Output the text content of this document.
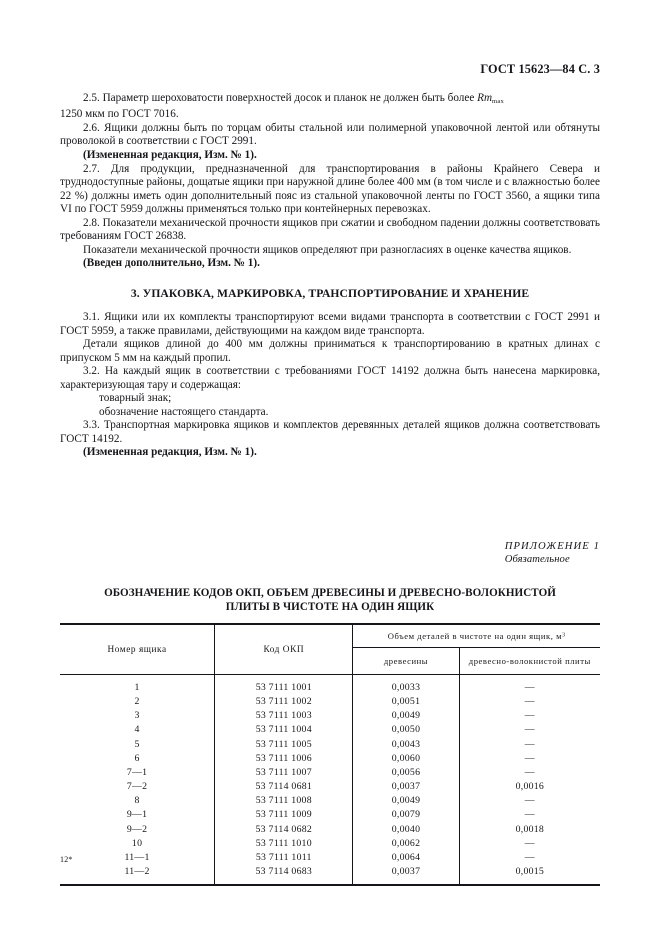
ГОСТ 15623—84 С. 3

2.5. Параметр шероховатости поверхностей досок и планок не должен быть более $Rm_{max}$

1250 мкм по ГОСТ 7016.

2.6. Ящики должны быть по торцам обиты стальной или полимерной упаковочной лентой или обтянуты проволокой в соответствии с ГОСТ 2991.

(Измененная редакция, Изм. № 1).

2.7. Для продукции, предназначенной для транспортирования в районы Крайнего Севера и труднодоступные районы, дощатые ящики при наружной длине более 400 мм (в том числе и с влажностью более 22 %) должны иметь один дополнительный пояс из стальной упаковочной ленты по ГОСТ 3560, а ящики типа VI по ГОСТ 5959 должны применяться только при контейнерных перевозках.

2.8. Показатели механической прочности ящиков при сжатии и свободном падении должны соответствовать требованиям ГОСТ 26838.

Показатели механической прочности ящиков определяют при разногласиях в оценке качества ящиков.

(Введен дополнительно, Изм. № 1).

3. УПАКОВКА, МАРКИРОВКА, ТРАНСПОРТИРОВАНИЕ И ХРАНЕНИЕ

3.1. Ящики или их комплекты транспортируют всеми видами транспорта в соответствии с ГОСТ 2991 и ГОСТ 5959, а также правилами, действующими на каждом виде транспорта.

Детали ящиков длиной до 400 мм должны приниматься к транспортированию в кратных длинах с припуском 5 мм на каждый пропил.

3.2. На каждый ящик в соответствии с требованиями ГОСТ 14192 должна быть нанесена маркировка, характеризующая тару и содержащая:

товарный знак;

обозначение настоящего стандарта.

3.3. Транспортная маркировка ящиков и комплектов деревянных деталей ящиков должна соответствовать ГОСТ 14192.

(Измененная редакция, Изм. № 1).

ПРИЛОЖЕНИЕ 1
Обязательное
ОБОЗНАЧЕНИЕ КОДОВ ОКП, ОБЪЕМ ДРЕВЕСИНЫ И ДРЕВЕСНО-ВОЛОКНИСТОЙ
ПЛИТЫ В ЧИСТОТЕ НА ОДИН ЯЩИК
Номер ящика	Код ОКП	Объем деталей в чистоте на один ящик, $м^3$
		древесины	древесно-волокнистой плиты
1	53 7111 1001	0,0033	—
2	53 7111 1002	0,0051	—
3	53 7111 1003	0,0049	—
4	53 7111 1004	0,0050	—
5	53 7111 1005	0,0043	—
6	53 7111 1006	0,0060	—
7—1	53 7111 1007	0,0056	—
7—2	53 7114 0681	0,0037	0,0016
8	53 7111 1008	0,0049	—
9—1	53 7111 1009	0,0079	—
9—2	53 7114 0682	0,0040	0,0018
10	53 7111 1010	0,0062	—
11—1	53 7111 1011	0,0064	—
11—2	53 7114 0683	0,0037	0,0015
12*
